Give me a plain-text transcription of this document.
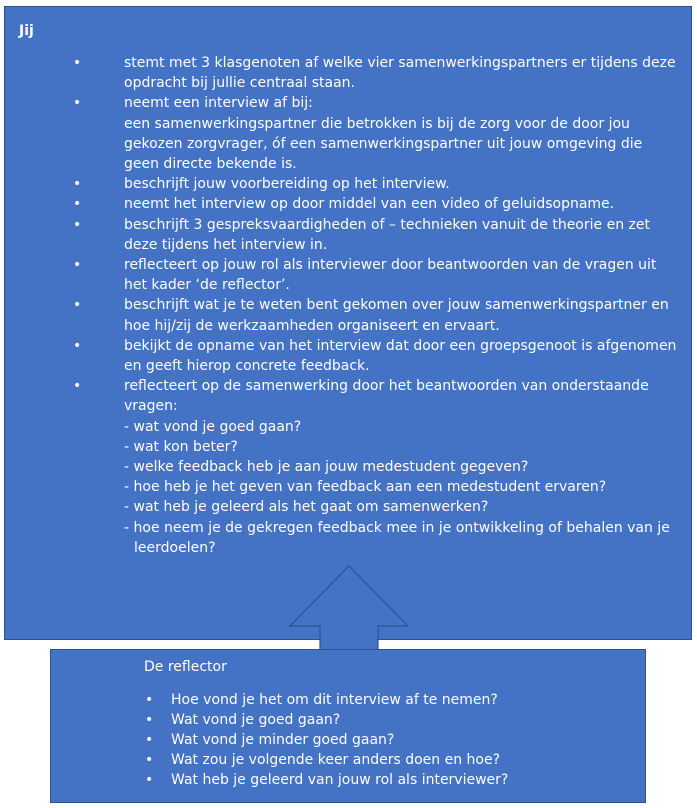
Jij
•	stemt met 3 klasgenoten af welke vier samenwerkingspartners er tijdens deze opdracht bij jullie centraal staan.
•	neemt een interview af bij:
een samenwerkingspartner die betrokken is bij de zorg voor de door jou gekozen zorgvrager, óf een samenwerkingspartner uit jouw omgeving die geen directe bekende is.
•	beschrijft jouw voorbereiding op het interview.
•	neemt het interview op door middel van een video of geluidsopname.
•	beschrijft 3 gespreksvaardigheden of – technieken vanuit de theorie en zet deze tijdens het interview in.
•	reflecteert op jouw rol als interviewer door beantwoorden van de vragen uit het kader ‘de reflector’.
•	beschrijft wat je te weten bent gekomen over jouw samenwerkingspartner en hoe hij/zij de werkzaamheden organiseert en ervaart.
•	bekijkt de opname van het interview dat door een groepsgenoot is afgenomen en geeft hierop concrete feedback.
•	reflecteert op de samenwerking door het beantwoorden van onderstaande vragen:
- wat vond je goed gaan?
- wat kon beter?
- welke feedback heb je aan jouw medestudent gegeven?
- hoe heb je het geven van feedback aan een medestudent ervaren?
- wat heb je geleerd als het gaat om samenwerken?
- hoe neem je de gekregen feedback mee in je ontwikkeling of behalen van je leerdoelen?
De reflector
• Hoe vond je het om dit interview af te nemen?
• Wat vond je goed gaan?
• Wat vond je minder goed gaan?
• Wat zou je volgende keer anders doen en hoe?
• Wat heb je geleerd van jouw rol als interviewer?
